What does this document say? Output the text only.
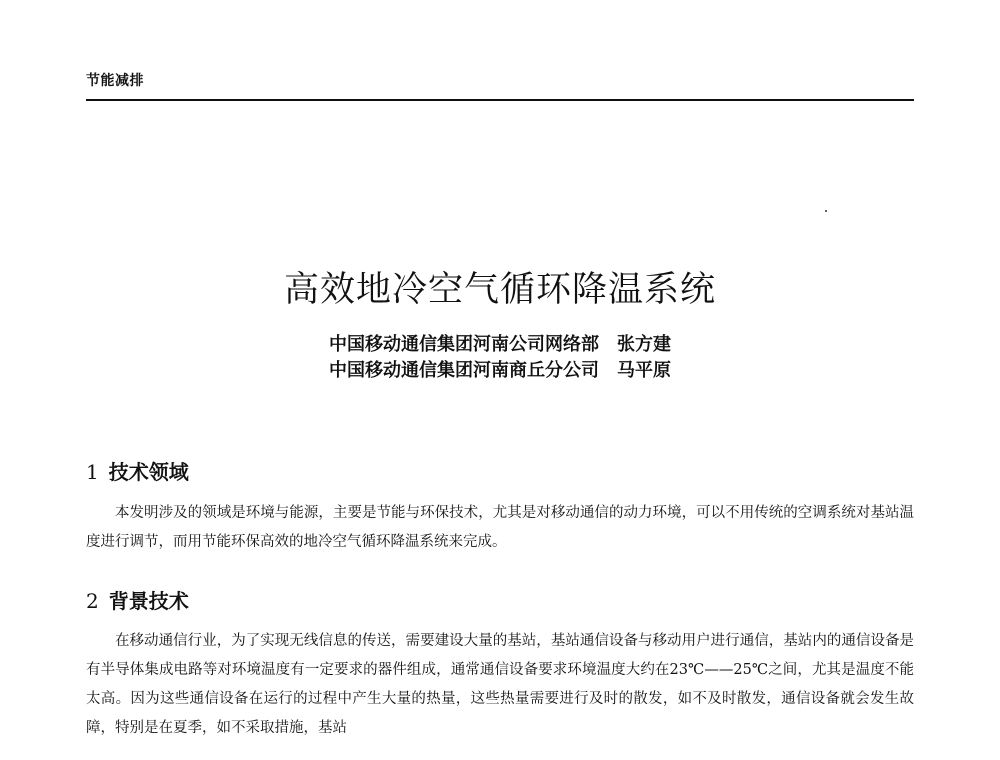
节能减排
高效地冷空气循环降温系统
中国移动通信集团河南公司网络部　张方建
中国移动通信集团河南商丘分公司　马平原
1 技术领域
本发明涉及的领域是环境与能源，主要是节能与环保技术，尤其是对移动通信的动力环境，可以不用传统的空调系统对基站温度进行调节，而用节能环保高效的地冷空气循环降温系统来完成。
2 背景技术
在移动通信行业，为了实现无线信息的传送，需要建设大量的基站，基站通信设备与移动用户进行通信，基站内的通信设备是有半导体集成电路等对环境温度有一定要求的器件组成，通常通信设备要求环境温度大约在23℃——25℃之间，尤其是温度不能太高。因为这些通信设备在运行的过程中产生大量的热量，这些热量需要进行及时的散发，如不及时散发，通信设备就会发生故障，特别是在夏季，如不采取措施，基站
